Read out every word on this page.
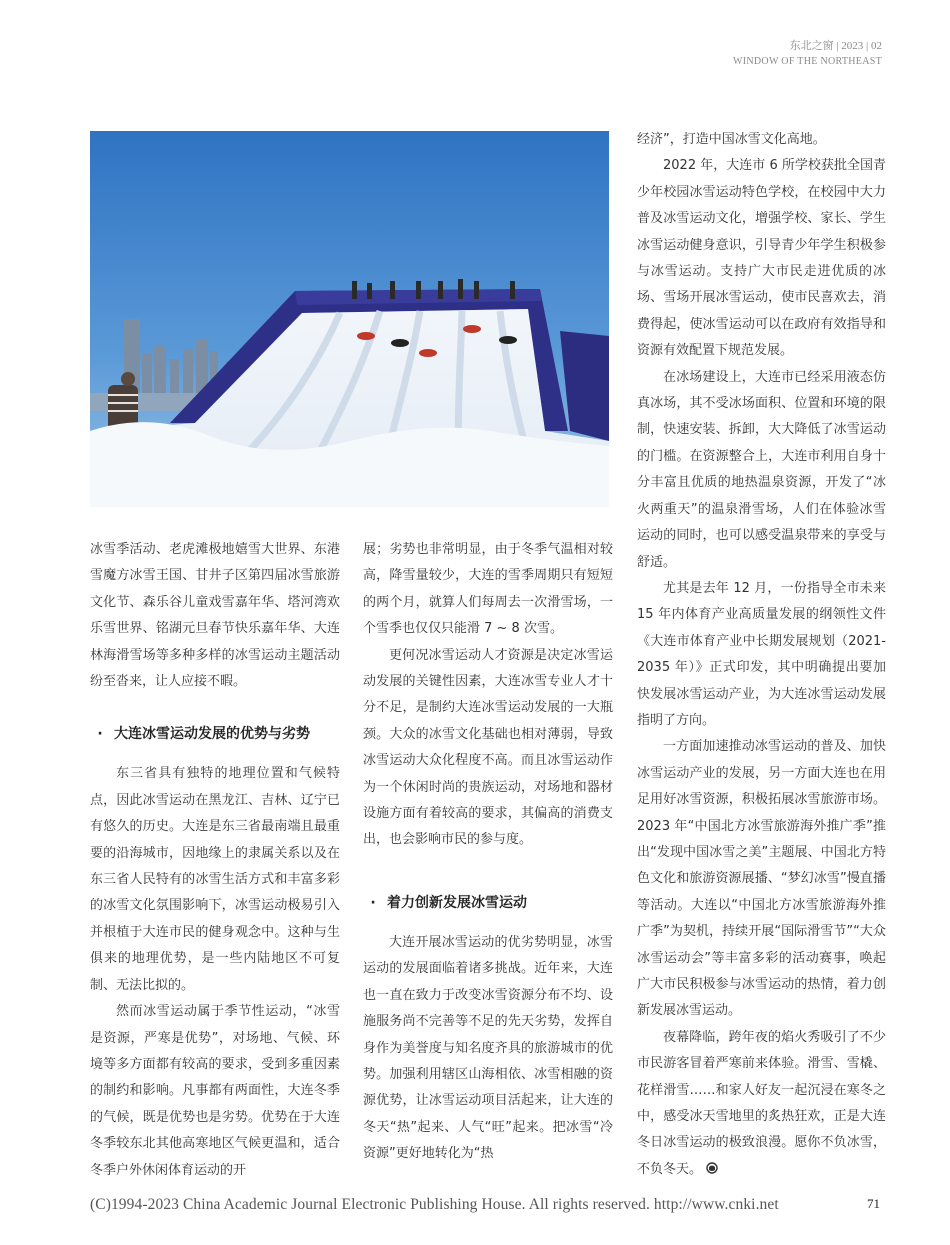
东北之窗 | 2023 | 02
WINDOW OF THE NORTHEAST

冰雪季活动、老虎滩极地嬉雪大世界、东港雪魔方冰雪王国、甘井子区第四届冰雪旅游文化节、森乐谷儿童戏雪嘉年华、塔河湾欢乐雪世界、铭湖元旦春节快乐嘉年华、大连林海滑雪场等多种多样的冰雪运动主题活动纷至沓来，让人应接不暇。

· 大连冰雪运动发展的优势与劣势

东三省具有独特的地理位置和气候特点，因此冰雪运动在黑龙江、吉林、辽宁已有悠久的历史。大连是东三省最南端且最重要的沿海城市，因地缘上的隶属关系以及在东三省人民特有的冰雪生活方式和丰富多彩的冰雪文化氛围影响下，冰雪运动极易引入并根植于大连市民的健身观念中。这种与生俱来的地理优势，是一些内陆地区不可复制、无法比拟的。

然而冰雪运动属于季节性运动，“冰雪是资源，严寒是优势”，对场地、气候、环境等多方面都有较高的要求，受到多重因素的制约和影响。凡事都有两面性，大连冬季的气候，既是优势也是劣势。优势在于大连冬季较东北其他高寒地区气候更温和，适合冬季户外休闲体育运动的开

展；劣势也非常明显，由于冬季气温相对较高，降雪量较少，大连的雪季周期只有短短的两个月，就算人们每周去一次滑雪场，一个雪季也仅仅只能滑 7 ~ 8 次雪。

更何况冰雪运动人才资源是决定冰雪运动发展的关键性因素，大连冰雪专业人才十分不足，是制约大连冰雪运动发展的一大瓶颈。大众的冰雪文化基础也相对薄弱，导致冰雪运动大众化程度不高。而且冰雪运动作为一个休闲时尚的贵族运动，对场地和器材设施方面有着较高的要求，其偏高的消费支出，也会影响市民的参与度。

· 着力创新发展冰雪运动

大连开展冰雪运动的优劣势明显，冰雪运动的发展面临着诸多挑战。近年来，大连也一直在致力于改变冰雪资源分布不均、设施服务尚不完善等不足的先天劣势，发挥自身作为美誉度与知名度齐具的旅游城市的优势。加强利用辖区山海相依、冰雪相融的资源优势，让冰雪运动项目活起来，让大连的冬天“热”起来、人气“旺”起来。把冰雪“冷资源”更好地转化为“热

经济”，打造中国冰雪文化高地。

2022 年，大连市 6 所学校获批全国青少年校园冰雪运动特色学校，在校园中大力普及冰雪运动文化，增强学校、家长、学生冰雪运动健身意识，引导青少年学生积极参与冰雪运动。支持广大市民走进优质的冰场、雪场开展冰雪运动，使市民喜欢去，消费得起，使冰雪运动可以在政府有效指导和资源有效配置下规范发展。

在冰场建设上，大连市已经采用液态仿真冰场，其不受冰场面积、位置和环境的限制，快速安装、拆卸，大大降低了冰雪运动的门槛。在资源整合上，大连市利用自身十分丰富且优质的地热温泉资源，开发了“冰火两重天”的温泉滑雪场，人们在体验冰雪运动的同时，也可以感受温泉带来的享受与舒适。

尤其是去年 12 月，一份指导全市未来 15 年内体育产业高质量发展的纲领性文件《大连市体育产业中长期发展规划（2021-2035 年）》正式印发，其中明确提出要加快发展冰雪运动产业，为大连冰雪运动发展指明了方向。

一方面加速推动冰雪运动的普及、加快冰雪运动产业的发展，另一方面大连也在用足用好冰雪资源，积极拓展冰雪旅游市场。2023 年“中国北方冰雪旅游海外推广季”推出“发现中国冰雪之美”主题展、中国北方特色文化和旅游资源展播、“梦幻冰雪”慢直播等活动。大连以“中国北方冰雪旅游海外推广季”为契机，持续开展“国际滑雪节”“大众冰雪运动会”等丰富多彩的活动赛事，唤起广大市民积极参与冰雪运动的热情，着力创新发展冰雪运动。

夜幕降临，跨年夜的焰火秀吸引了不少市民游客冒着严寒前来体验。滑雪、雪橇、花样滑雪……和家人好友一起沉浸在寒冬之中，感受冰天雪地里的炙热狂欢，正是大连冬日冰雪运动的极致浪漫。愿你不负冰雪，不负冬天。

(C)1994-2023 China Academic Journal Electronic Publishing House. All rights reserved. http://www.cnki.net	71
